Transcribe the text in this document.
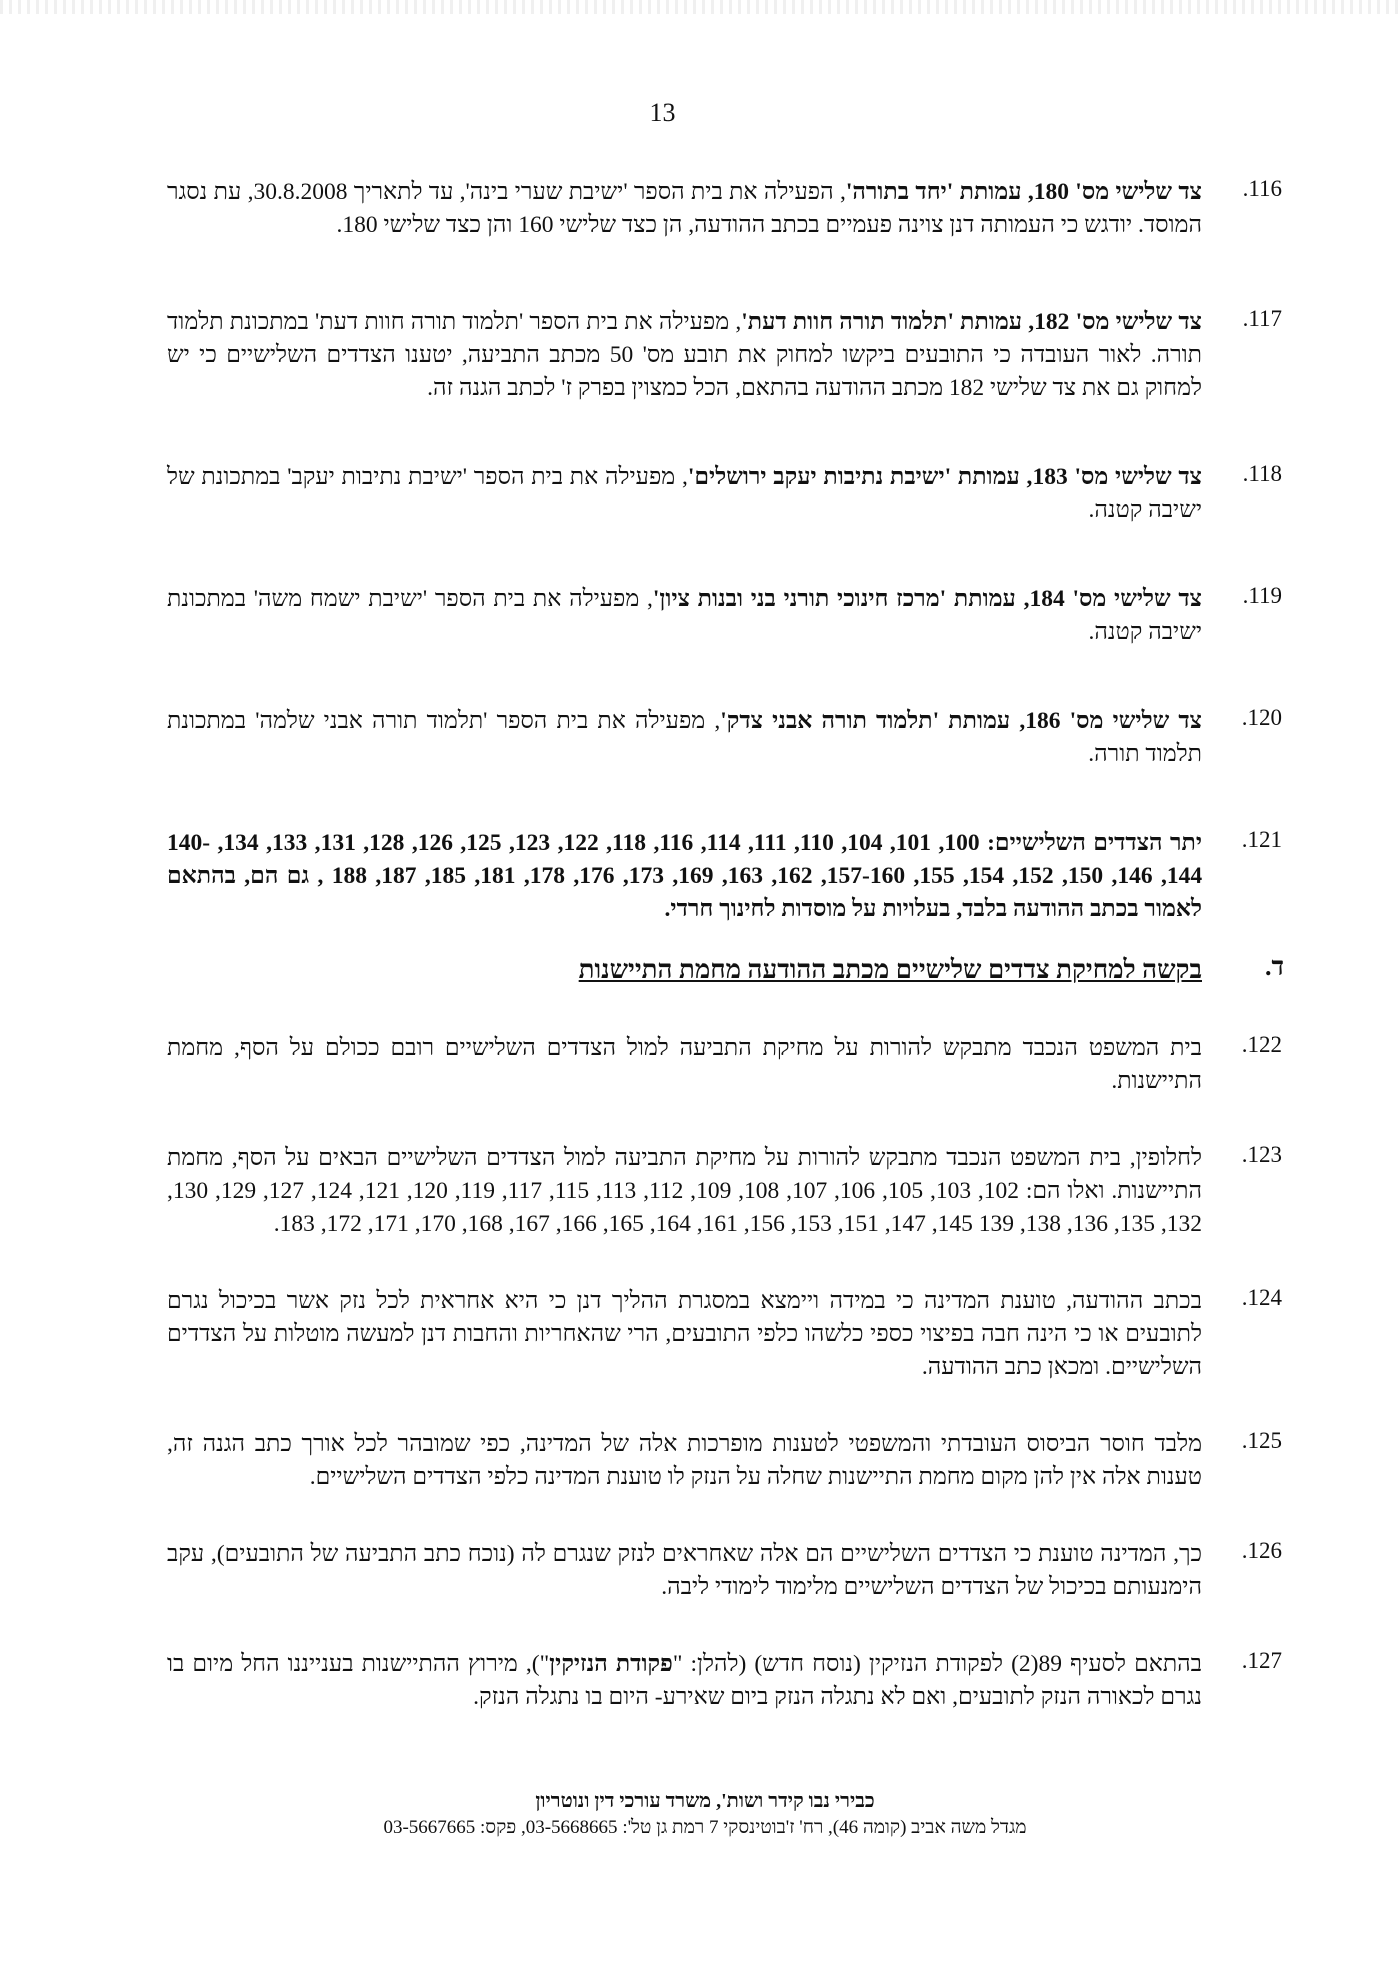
13
116.
צד שלישי מס' 180, עמותת 'יחד בתורה', הפעילה את בית הספר 'ישיבת שערי בינה', עד לתאריך 30.8.2008, עת נסגר המוסד. יודגש כי העמותה דנן צוינה פעמיים בכתב ההודעה, הן כצד שלישי 160 והן כצד שלישי 180.
117.
צד שלישי מס' 182, עמותת 'תלמוד תורה חוות דעת', מפעילה את בית הספר 'תלמוד תורה חוות דעת' במתכונת תלמוד תורה. לאור העובדה כי התובעים ביקשו למחוק את תובע מס' 50 מכתב התביעה, יטענו הצדדים השלישיים כי יש למחוק גם את צד שלישי 182 מכתב ההודעה בהתאם, הכל כמצוין בפרק ז' לכתב הגנה זה.
118.
צד שלישי מס' 183, עמותת 'ישיבת נתיבות יעקב ירושלים', מפעילה את בית הספר 'ישיבת נתיבות יעקב' במתכונת של ישיבה קטנה.
119.
צד שלישי מס' 184, עמותת 'מרכז חינוכי תורני בני ובנות ציון', מפעילה את בית הספר 'ישיבת ישמח משה' במתכונת ישיבה קטנה.
120.
צד שלישי מס' 186, עמותת 'תלמוד תורה אבני צדק', מפעילה את בית הספר 'תלמוד תורה אבני שלמה' במתכונת תלמוד תורה.
121.
יתר הצדדים השלישיים: 100, 101, 104, 110, 111, 114, 116, 118, 122, 123, 125, 126, 128, 131, 133, 134, 140-144, 146, 150, 152, 154, 155, 157-160, 162, 163, 169, 173, 176, 178, 181, 185, 187, 188 , גם הם, בהתאם לאמור בכתב ההודעה בלבד, בעלויות על מוסדות לחינוך חרדי.
ד.
בקשה למחיקת צדדים שלישיים מכתב ההודעה מחמת התיישנות
122.
בית המשפט הנכבד מתבקש להורות על מחיקת התביעה למול הצדדים השלישיים רובם ככולם על הסף, מחמת התיישנות.
123.
לחלופין, בית המשפט הנכבד מתבקש להורות על מחיקת התביעה למול הצדדים השלישיים הבאים על הסף, מחמת התיישנות. ואלו הם: 102, 103, 105, 106, 107, 108, 109, 112, 113, 115, 117, 119, 120, 121, 124, 127, 129, 130, 132, 135, 136, 138, 139 145, 147, 151, 153, 156, 161, 164, 165, 166, 167, 168, 170, 171, 172, 183.
124.
בכתב ההודעה, טוענת המדינה כי במידה ויימצא במסגרת ההליך דנן כי היא אחראית לכל נזק אשר בכיכול נגרם לתובעים או כי הינה חבה בפיצוי כספי כלשהו כלפי התובעים, הרי שהאחריות והחבות דנן למעשה מוטלות על הצדדים השלישיים. ומכאן כתב ההודעה.
125.
מלבד חוסר הביסוס העובדתי והמשפטי לטענות מופרכות אלה של המדינה, כפי שמובהר לכל אורך כתב הגנה זה, טענות אלה אין להן מקום מחמת התיישנות שחלה על הנזק לו טוענת המדינה כלפי הצדדים השלישיים.
126.
כך, המדינה טוענת כי הצדדים השלישיים הם אלה שאחראים לנזק שנגרם לה (נוכח כתב התביעה של התובעים), עקב הימנעותם בכיכול של הצדדים השלישיים מלימוד לימודי ליבה.
127.
בהתאם לסעיף 89(2) לפקודת הנזיקין (נוסח חדש) (להלן: "פקודת הנזיקין"), מירוץ ההתיישנות בענייננו החל מיום בו נגרם לכאורה הנזק לתובעים, ואם לא נתגלה הנזק ביום שאירע- היום בו נתגלה הנזק.
כבירי נבו קידר ושות', משרד עורכי דין ונוטריון
מגדל משה אביב (קומה 46), רח' ז'בוטינסקי 7 רמת גן טל': 03-5668665, פקס: 03-5667665
